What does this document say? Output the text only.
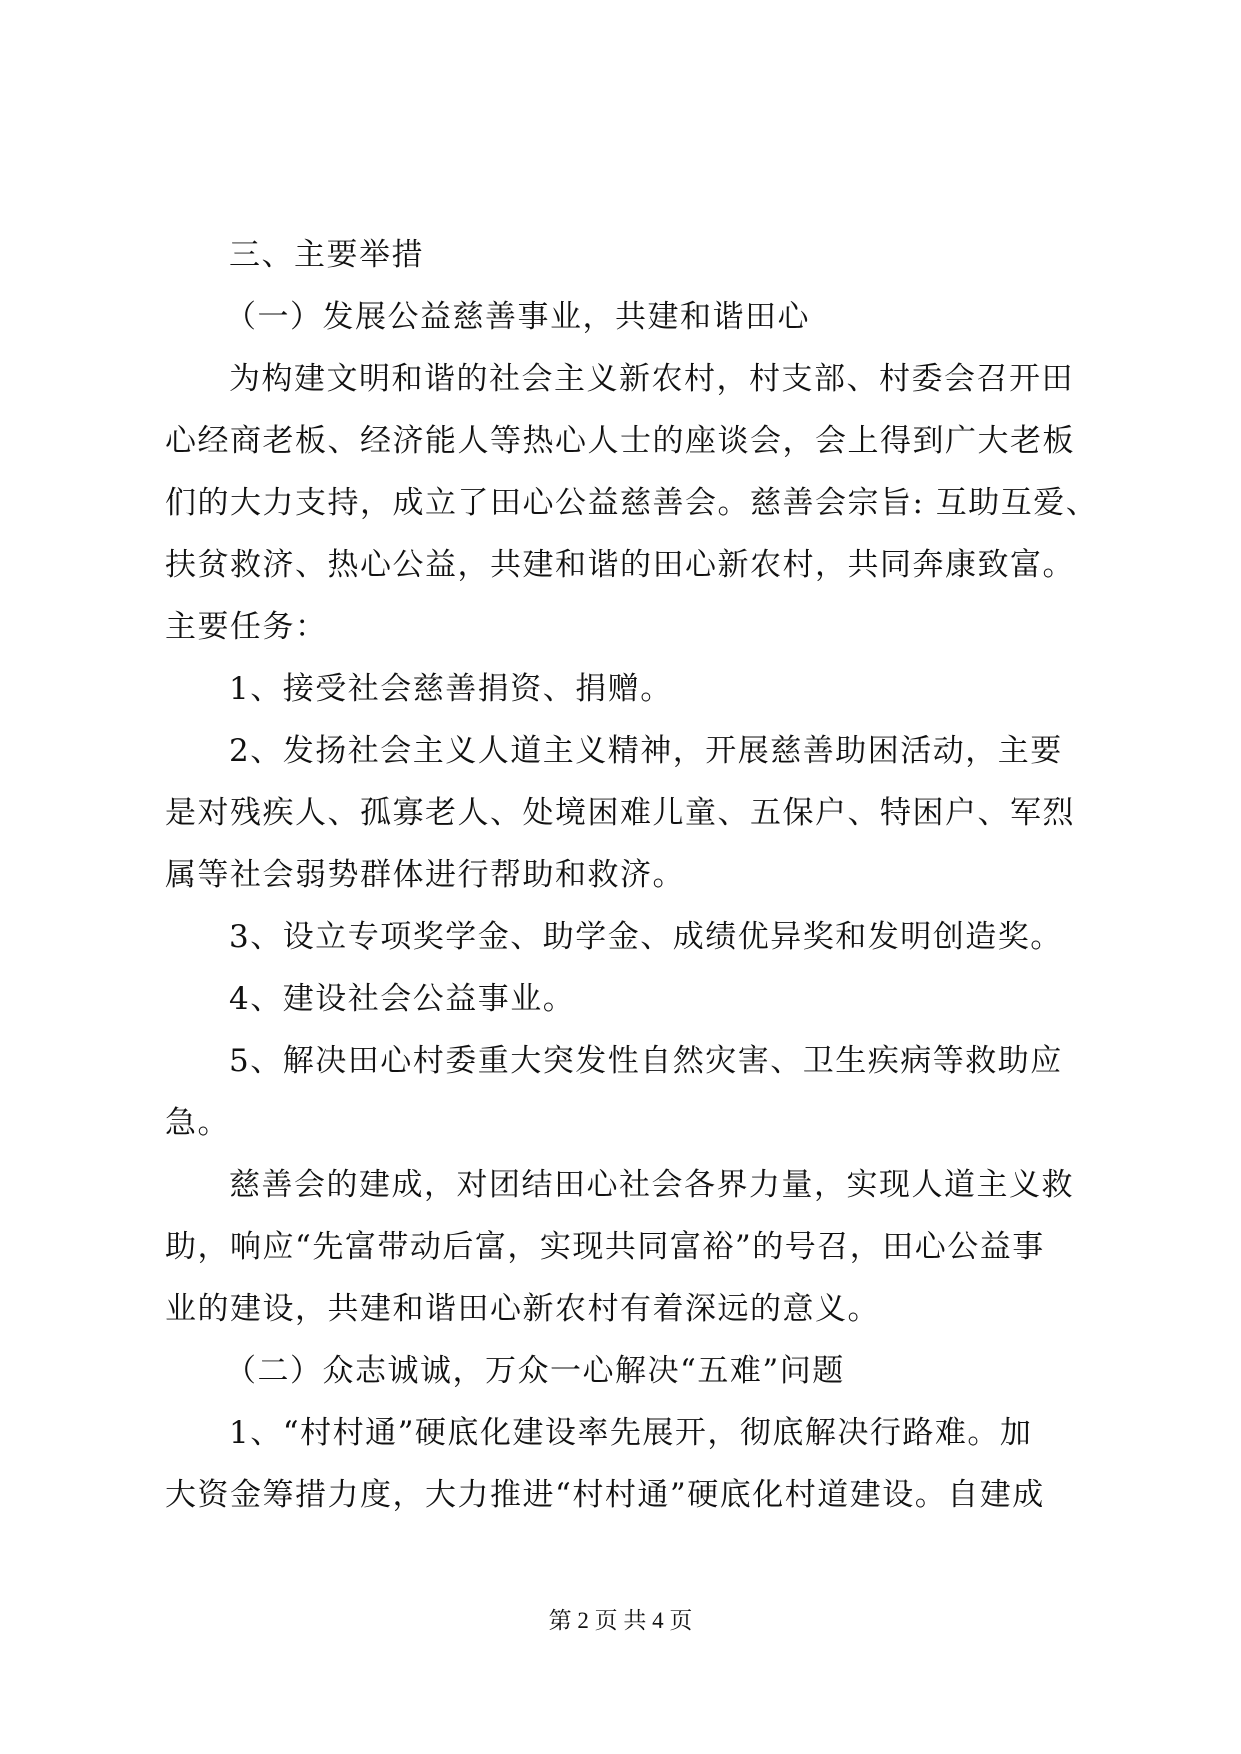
三、主要举措
（一）发展公益慈善事业，共建和谐田心
为构建文明和谐的社会主义新农村，村支部、村委会召开田
心经商老板、经济能人等热心人士的座谈会，会上得到广大老板
们的大力支持，成立了田心公益慈善会。慈善会宗旨: 互助互爱、
扶贫救济、热心公益，共建和谐的田心新农村，共同奔康致富。
主要任务：
1、接受社会慈善捐资、捐赠。
2、发扬社会主义人道主义精神，开展慈善助困活动，主要
是对残疾人、孤寡老人、处境困难儿童、五保户、特困户、军烈
属等社会弱势群体进行帮助和救济。
3、设立专项奖学金、助学金、成绩优异奖和发明创造奖。
4、建设社会公益事业。
5、解决田心村委重大突发性自然灾害、卫生疾病等救助应
急。
慈善会的建成，对团结田心社会各界力量，实现人道主义救
助，响应“先富带动后富，实现共同富裕”的号召，田心公益事
业的建设，共建和谐田心新农村有着深远的意义。
（二）众志诚诚，万众一心解决“五难”问题
1、“村村通”硬底化建设率先展开，彻底解决行路难。加
大资金筹措力度，大力推进“村村通”硬底化村道建设。自建成
第 2 页 共 4 页
